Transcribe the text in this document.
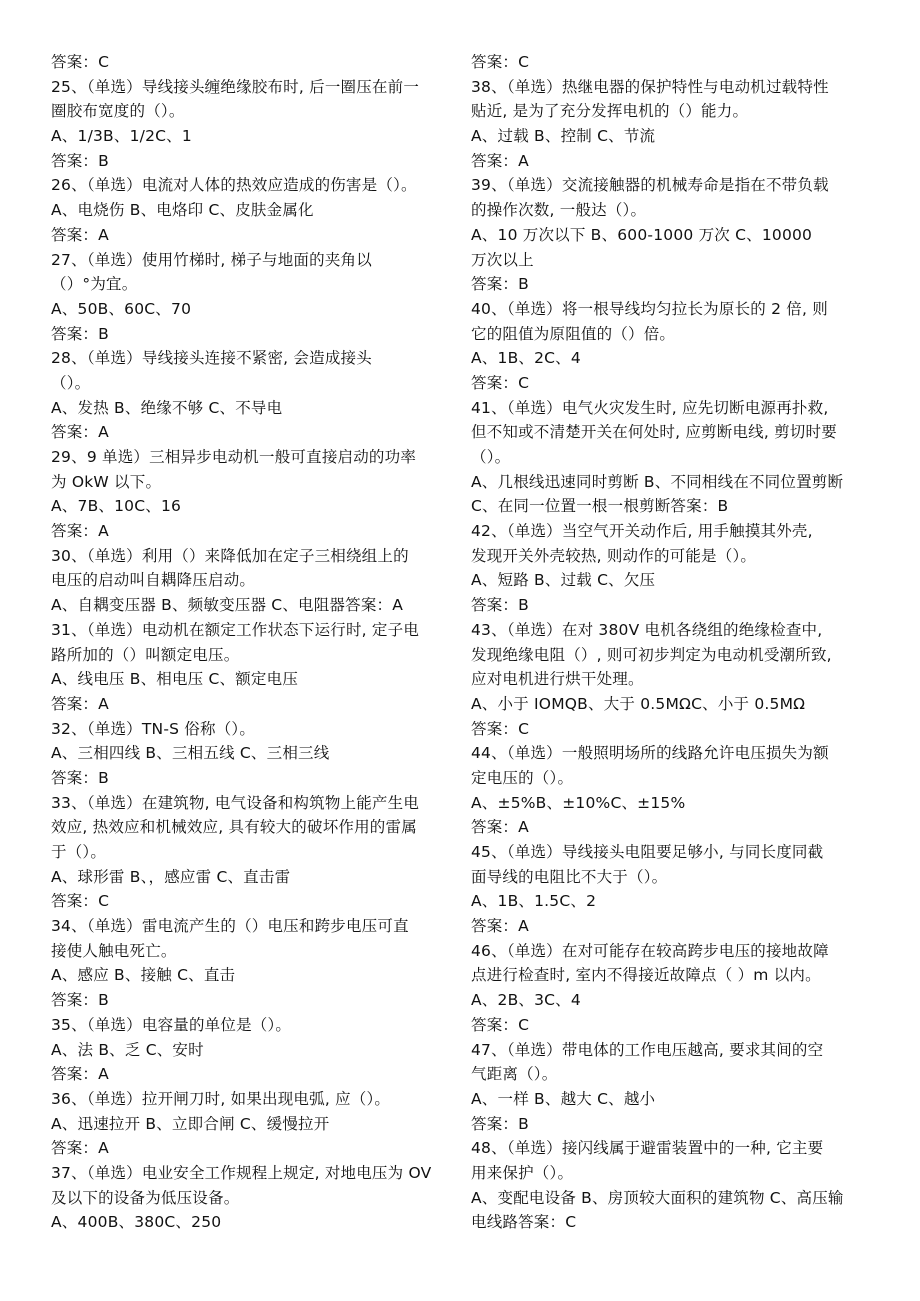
答案：C
25、（单选）导线接头缠绝缘胶布时, 后一圈压在前一
圈胶布宽度的（）。
A、1/3B、1/2C、1
答案：B
26、（单选）电流对人体的热效应造成的伤害是（）。
A、电烧伤 B、电烙印 C、皮肤金属化
答案：A
27、（单选）使用竹梯时, 梯子与地面的夹角以
（）°为宜。
A、50B、60C、70
答案：B
28、（单选）导线接头连接不紧密, 会造成接头
（）。
A、发热 B、绝缘不够 C、不导电
答案：A
29、9 单选）三相异步电动机一般可直接启动的功率
为 OkW 以下。
A、7B、10C、16
答案：A
30、（单选）利用（）来降低加在定子三相绕组上的
电压的启动叫自耦降压启动。
A、自耦变压器 B、频敏变压器 C、电阻器答案：A
31、（单选）电动机在额定工作状态下运行时, 定子电
路所加的（）叫额定电压。
A、线电压 B、相电压 C、额定电压
答案：A
32、（单选）TN-S 俗称（）。
A、三相四线 B、三相五线 C、三相三线
答案：B
33、（单选）在建筑物, 电气设备和构筑物上能产生电
效应, 热效应和机械效应, 具有较大的破坏作用的雷属
于（）。
A、球形雷 B、，感应雷 C、直击雷
答案：C
34、（单选）雷电流产生的（）电压和跨步电压可直
接使人触电死亡。
A、感应 B、接触 C、直击
答案：B
35、（单选）电容量的单位是（）。
A、法 B、乏 C、安时
答案：A
36、（单选）拉开闸刀时, 如果出现电弧, 应（）。
A、迅速拉开 B、立即合闸 C、缓慢拉开
答案：A
37、（单选）电业安全工作规程上规定, 对地电压为 OV
及以下的设备为低压设备。
A、400B、380C、250
答案：C
38、（单选）热继电器的保护特性与电动机过载特性
贴近, 是为了充分发挥电机的（）能力。
A、过载 B、控制 C、节流
答案：A
39、（单选）交流接触器的机械寿命是指在不带负载
的操作次数, 一般达（）。
A、10 万次以下 B、600-1000 万次 C、10000
万次以上
答案：B
40、（单选）将一根导线均匀拉长为原长的 2 倍, 则
它的阻值为原阻值的（）倍。
A、1B、2C、4
答案：C
41、（单选）电气火灾发生时, 应先切断电源再扑救,
但不知或不清楚开关在何处时, 应剪断电线, 剪切时要
（）。
A、几根线迅速同时剪断 B、不同相线在不同位置剪断
C、在同一位置一根一根剪断答案：B
42、（单选）当空气开关动作后, 用手触摸其外壳,
发现开关外壳较热, 则动作的可能是（）。
A、短路 B、过载 C、欠压
答案：B
43、（单选）在对 380V 电机各绕组的绝缘检查中,
发现绝缘电阻（）, 则可初步判定为电动机受潮所致,
应对电机进行烘干处理。
A、小于 IOMQB、大于 0.5MΩC、小于 0.5MΩ
答案：C
44、（单选）一般照明场所的线路允许电压损失为额
定电压的（）。
A、±5%B、±10%C、±15%
答案：A
45、（单选）导线接头电阻要足够小, 与同长度同截
面导线的电阻比不大于（）。
A、1B、1.5C、2
答案：A
46、（单选）在对可能存在较高跨步电压的接地故障
点进行检查时, 室内不得接近故障点（ ）m 以内。
A、2B、3C、4
答案：C
47、（单选）带电体的工作电压越高, 要求其间的空
气距离（）。
A、一样 B、越大 C、越小
答案：B
48、（单选）接闪线属于避雷装置中的一种, 它主要
用来保护（）。
A、变配电设备 B、房顶较大面积的建筑物 C、高压输
电线路答案：C
